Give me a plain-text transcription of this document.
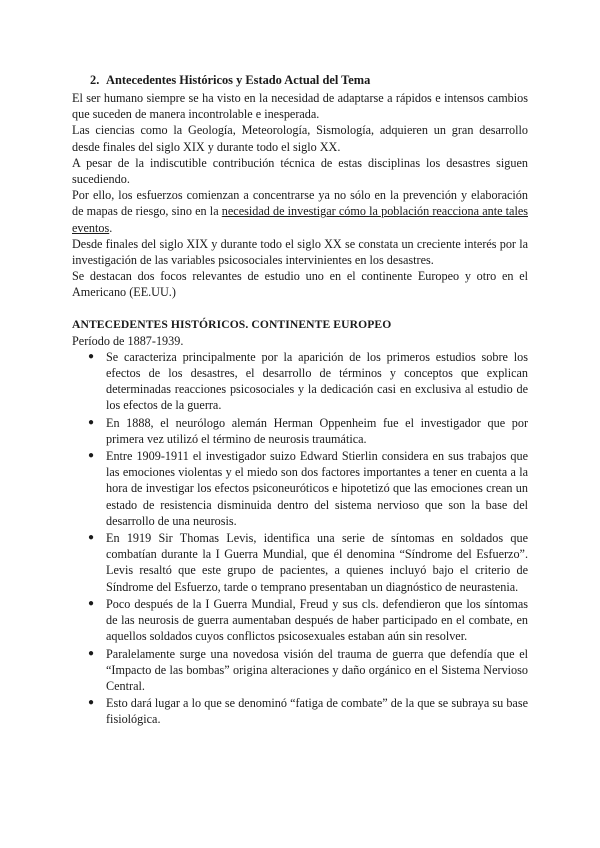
2. Antecedentes Históricos y Estado Actual del Tema

El ser humano siempre se ha visto en la necesidad de adaptarse a rápidos e intensos cambios que suceden de manera incontrolable e inesperada.

Las ciencias como la Geología, Meteorología, Sismología, adquieren un gran desarrollo desde finales del siglo XIX y durante todo el siglo XX.

A pesar de la indiscutible contribución técnica de estas disciplinas los desastres siguen sucediendo.

Por ello, los esfuerzos comienzan a concentrarse ya no sólo en la prevención y elaboración de mapas de riesgo, sino en la necesidad de investigar cómo la población reacciona ante tales eventos.

Desde finales del siglo XIX y durante todo el siglo XX se constata un creciente interés por la investigación de las variables psicosociales intervinientes en los desastres.

Se destacan dos focos relevantes de estudio uno en el continente Europeo y otro en el Americano (EE.UU.)

ANTECEDENTES HISTÓRICOS. CONTINENTE EUROPEO

Período de 1887-1939.

● Se caracteriza principalmente por la aparición de los primeros estudios sobre los efectos de los desastres, el desarrollo de términos y conceptos que explican determinadas reacciones psicosociales y la dedicación casi en exclusiva al estudio de los efectos de la guerra.
● En 1888, el neurólogo alemán Herman Oppenheim fue el investigador que por primera vez utilizó el término de neurosis traumática.
● Entre 1909-1911 el investigador suizo Edward Stierlin considera en sus trabajos que las emociones violentas y el miedo son dos factores importantes a tener en cuenta a la hora de investigar los efectos psiconeuróticos e hipotetizó que las emociones crean un estado de resistencia disminuida dentro del sistema nervioso que son la base del desarrollo de una neurosis.
● En 1919 Sir Thomas Levis, identifica una serie de síntomas en soldados que combatían durante la I Guerra Mundial, que él denomina “Síndrome del Esfuerzo”. Levis resaltó que este grupo de pacientes, a quienes incluyó bajo el criterio de Síndrome del Esfuerzo, tarde o temprano presentaban un diagnóstico de neurastenia.
● Poco después de la I Guerra Mundial, Freud y sus cls. defendieron que los síntomas de las neurosis de guerra aumentaban después de haber participado en el combate, en aquellos soldados cuyos conflictos psicosexuales estaban aún sin resolver.
● Paralelamente surge una novedosa visión del trauma de guerra que defendía que el “Impacto de las bombas” origina alteraciones y daño orgánico en el Sistema Nervioso Central.
● Esto dará lugar a lo que se denominó “fatiga de combate” de la que se subraya su base fisiológica.
